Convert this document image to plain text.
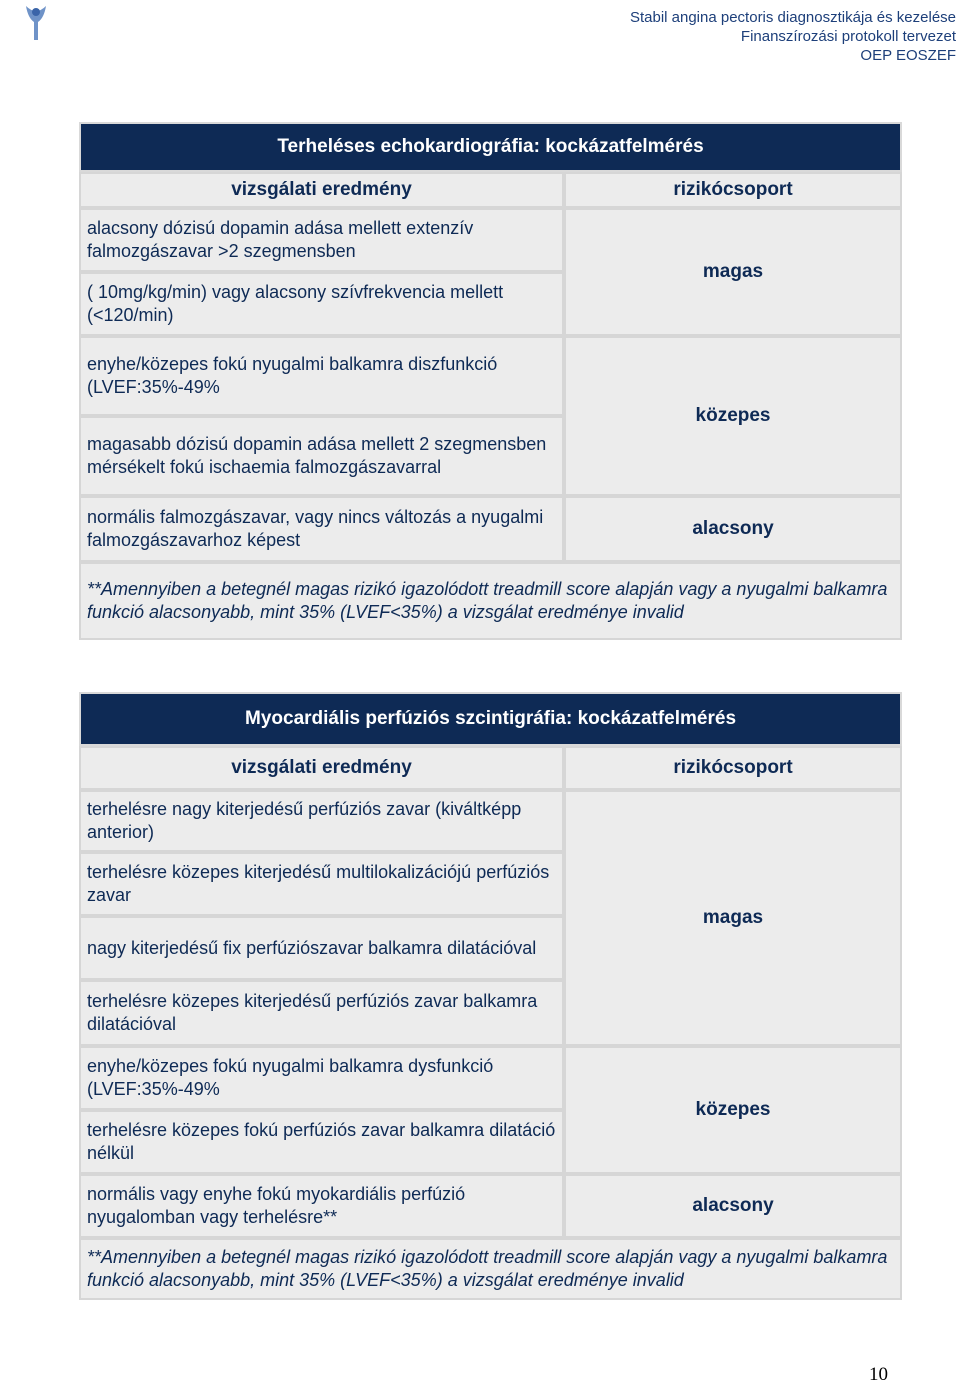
Stabil angina pectoris diagnosztikája és kezelése
Finanszírozási protokoll tervezet
OEP EOSZEF
Terheléses echokardiográfia: kockázatfelmérés	
vizsgálati eredmény	rizikócsoport
alacsony dózisú dopamin adása mellett extenzív falmozgászavar >2 szegmensben	magas
( 10mg/kg/min) vagy alacsony szívfrekvencia mellett (<120/min)	
enyhe/közepes fokú nyugalmi balkamra diszfunkció (LVEF:35%-49%	közepes
magasabb dózisú dopamin adása mellett 2 szegmensben mérsékelt fokú ischaemia falmozgászavarral	
normális falmozgászavar, vagy nincs változás a nyugalmi falmozgászavarhoz képest	alacsony
**Amennyiben a betegnél magas rizikó igazolódott treadmill score alapján vagy a nyugalmi balkamra funkció alacsonyabb, mint 35% (LVEF<35%) a vizsgálat eredménye invalid	
Myocardiális perfúziós szcintigráfia: kockázatfelmérés	
vizsgálati eredmény	rizikócsoport
terhelésre nagy kiterjedésű perfúziós zavar (kiváltképp anterior)	magas
terhelésre közepes kiterjedésű multilokalizációjú perfúziós zavar	
nagy kiterjedésű fix perfúziószavar balkamra dilatációval	
terhelésre közepes kiterjedésű perfúziós zavar balkamra dilatációval	
enyhe/közepes fokú nyugalmi balkamra dysfunkció (LVEF:35%-49%	közepes
terhelésre közepes fokú perfúziós zavar balkamra dilatáció nélkül	
normális vagy enyhe fokú myokardiális perfúzió nyugalomban vagy terhelésre**	alacsony
**Amennyiben a betegnél magas rizikó igazolódott treadmill score alapján vagy a nyugalmi balkamra funkció alacsonyabb, mint 35% (LVEF<35%) a vizsgálat eredménye invalid	
10
